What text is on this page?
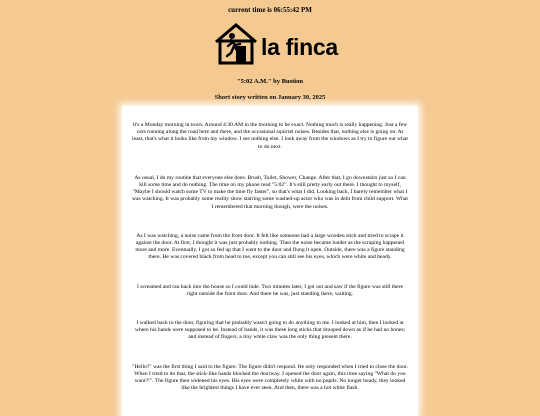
current time is 06:55:42 PM
la finca
"5:02 A.M." by Bustion
Short story written on January 30, 2025

It's a Monday morning in town. Around 4:30 AM in the morning to be exact. Nothing much is really happening. Just a few cars running along the road here and there, and the occasional squirrel noises. Besides that, nothing else is going on. At least, that's what it looks like from my window. I see nothing else. I look away from the windows as I try to figure out what to do next.

As usual, I do my routine that everyone else does. Brush, Toilet, Shower, Change. After that, I go downstairs just so I can kill some time and do nothing. The time on my phone read "5:02". It's still pretty early out there. I thought to myself, "Maybe I should watch some TV to make the time fly faster", so that's what I did. Looking back, I barely remember what I was watching. It was probably some reality show starring some washed-up actor who was in debt from child support. What I remembered that morning though, were the noises.

As I was watching, a noise came from the front door. It felt like someone had a large wooden stick and tried to scrape it against the door. At first, I thought it was just probably nothing. Then the noise became louder as the scraping happened more and more. Eventually, I got so fed up that I went to the door and flung it open. Outside, there was a figure standing there. He was covered black from head to toe, except you can still see his eyes, which were white and beady.

I screamed and ran back into the house so I could hide. Two minutes later, I got out and saw if the figure was still there right outside the front door. And there he was, just standing there, waiting.

I walked back to the door, figuring that he probably wasn't going to do anything to me. I looked at him, then I looked at where his hands were supposed to be. Instead of hands, it was these long sticks that drooped down as if he had no bones; and instead of fingers, a tiny white claw was the only thing present there.

"Hello?" was the first thing I said to the figure. The figure didn't respond. He only responded when I tried to close the door. When I tried to do that, the stick-like hands blocked the doorway. I opened the door again, this time saying "What do you want?!". The figure then widened his eyes. His eyes were completely white with no pupils. No longer beady, they looked like the brightest things I have ever seen. And then, there was a hot white flash.
